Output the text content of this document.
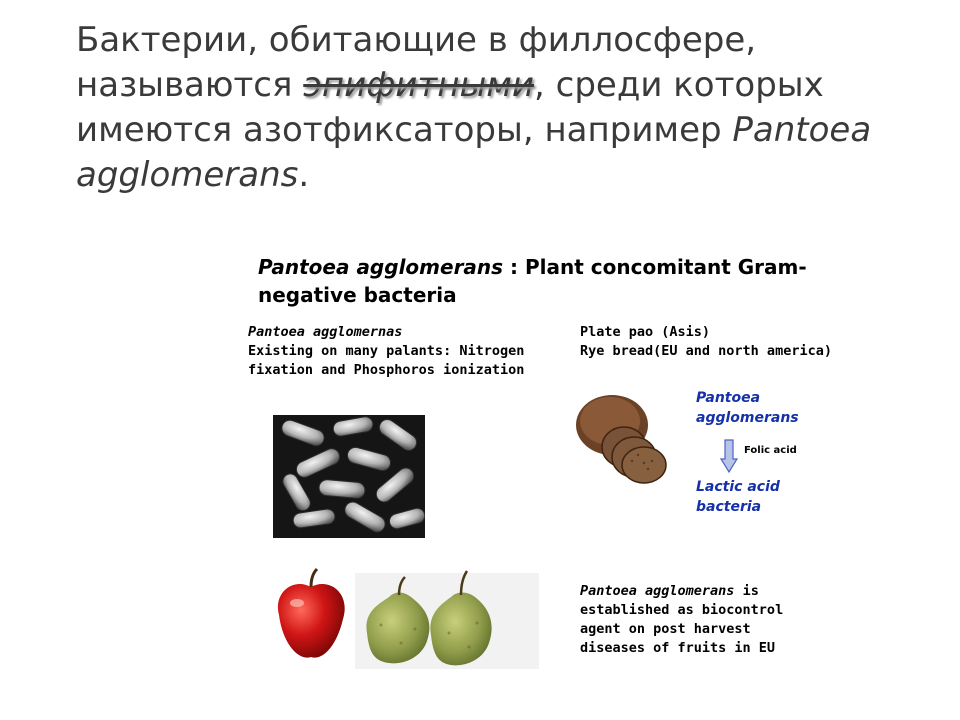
Бактерии, обитающие в филлосфере,
называются эпифитными, среди которых
имеются азотфиксаторы, например Pantoea
agglomerans.
Pantoea agglomerans : Plant concomitant Gram-
negative bacteria
Pantoea agglomernas
Existing on many palants: Nitrogen
fixation and Phosphoros ionization
Plate pao (Asis)
Rye bread(EU and north america)
Pantoea
agglomerans
Folic acid
Lactic acid
bacteria
Pantoea agglomerans is
established as biocontrol
agent on post harvest
diseases of fruits in EU
